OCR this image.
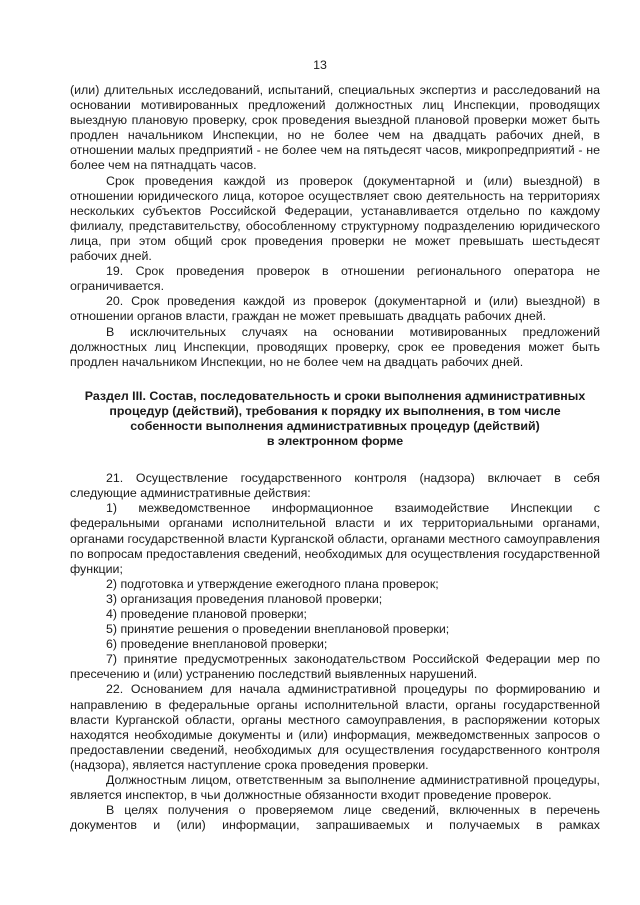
13

(или) длительных исследований, испытаний, специальных экспертиз и расследований на основании мотивированных предложений должностных лиц Инспекции, проводящих выездную плановую проверку, срок проведения выездной плановой проверки может быть продлен начальником Инспекции, но не более чем на двадцать рабочих дней, в отношении малых предприятий - не более чем на пятьдесят часов, микропредприятий - не более чем на пятнадцать часов.

Срок проведения каждой из проверок (документарной и (или) выездной) в отношении юридического лица, которое осуществляет свою деятельность на территориях нескольких субъектов Российской Федерации, устанавливается отдельно по каждому филиалу, представительству, обособленному структурному подразделению юридического лица, при этом общий срок проведения проверки не может превышать шестьдесят рабочих дней.

19. Срок проведения проверок в отношении регионального оператора не ограничивается.

20. Срок проведения каждой из проверок (документарной и (или) выездной) в отношении органов власти, граждан не может превышать двадцать рабочих дней.

В исключительных случаях на основании мотивированных предложений должностных лиц Инспекции, проводящих проверку, срок ее проведения может быть продлен начальником Инспекции, но не более чем на двадцать рабочих дней.

Раздел III. Состав, последовательность и сроки выполнения административных
процедур (действий), требования к порядку их выполнения, в том числе
собенности выполнения административных процедур (действий)
в электронном форме

21. Осуществление государственного контроля (надзора) включает в себя следующие административные действия:

1) межведомственное информационное взаимодействие Инспекции с федеральными органами исполнительной власти и их территориальными органами, органами государственной власти Курганской области, органами местного самоуправления по вопросам предоставления сведений, необходимых для осуществления государственной функции;

2) подготовка и утверждение ежегодного плана проверок;

3) организация проведения плановой проверки;

4) проведение плановой проверки;

5) принятие решения о проведении внеплановой проверки;

6) проведение внеплановой проверки;

7) принятие предусмотренных законодательством Российской Федерации мер по пресечению и (или) устранению последствий выявленных нарушений.

22. Основанием для начала административной процедуры по формированию и направлению в федеральные органы исполнительной власти, органы государственной власти Курганской области, органы местного самоуправления, в распоряжении которых находятся необходимые документы и (или) информация, межведомственных запросов о предоставлении сведений, необходимых для осуществления государственного контроля (надзора), является наступление срока проведения проверки.

Должностным лицом, ответственным за выполнение административной процедуры, является инспектор, в чьи должностные обязанности входит проведение проверок.

В целях получения о проверяемом лице сведений, включенных в перечень документов и (или) информации, запрашиваемых и получаемых в рамках
